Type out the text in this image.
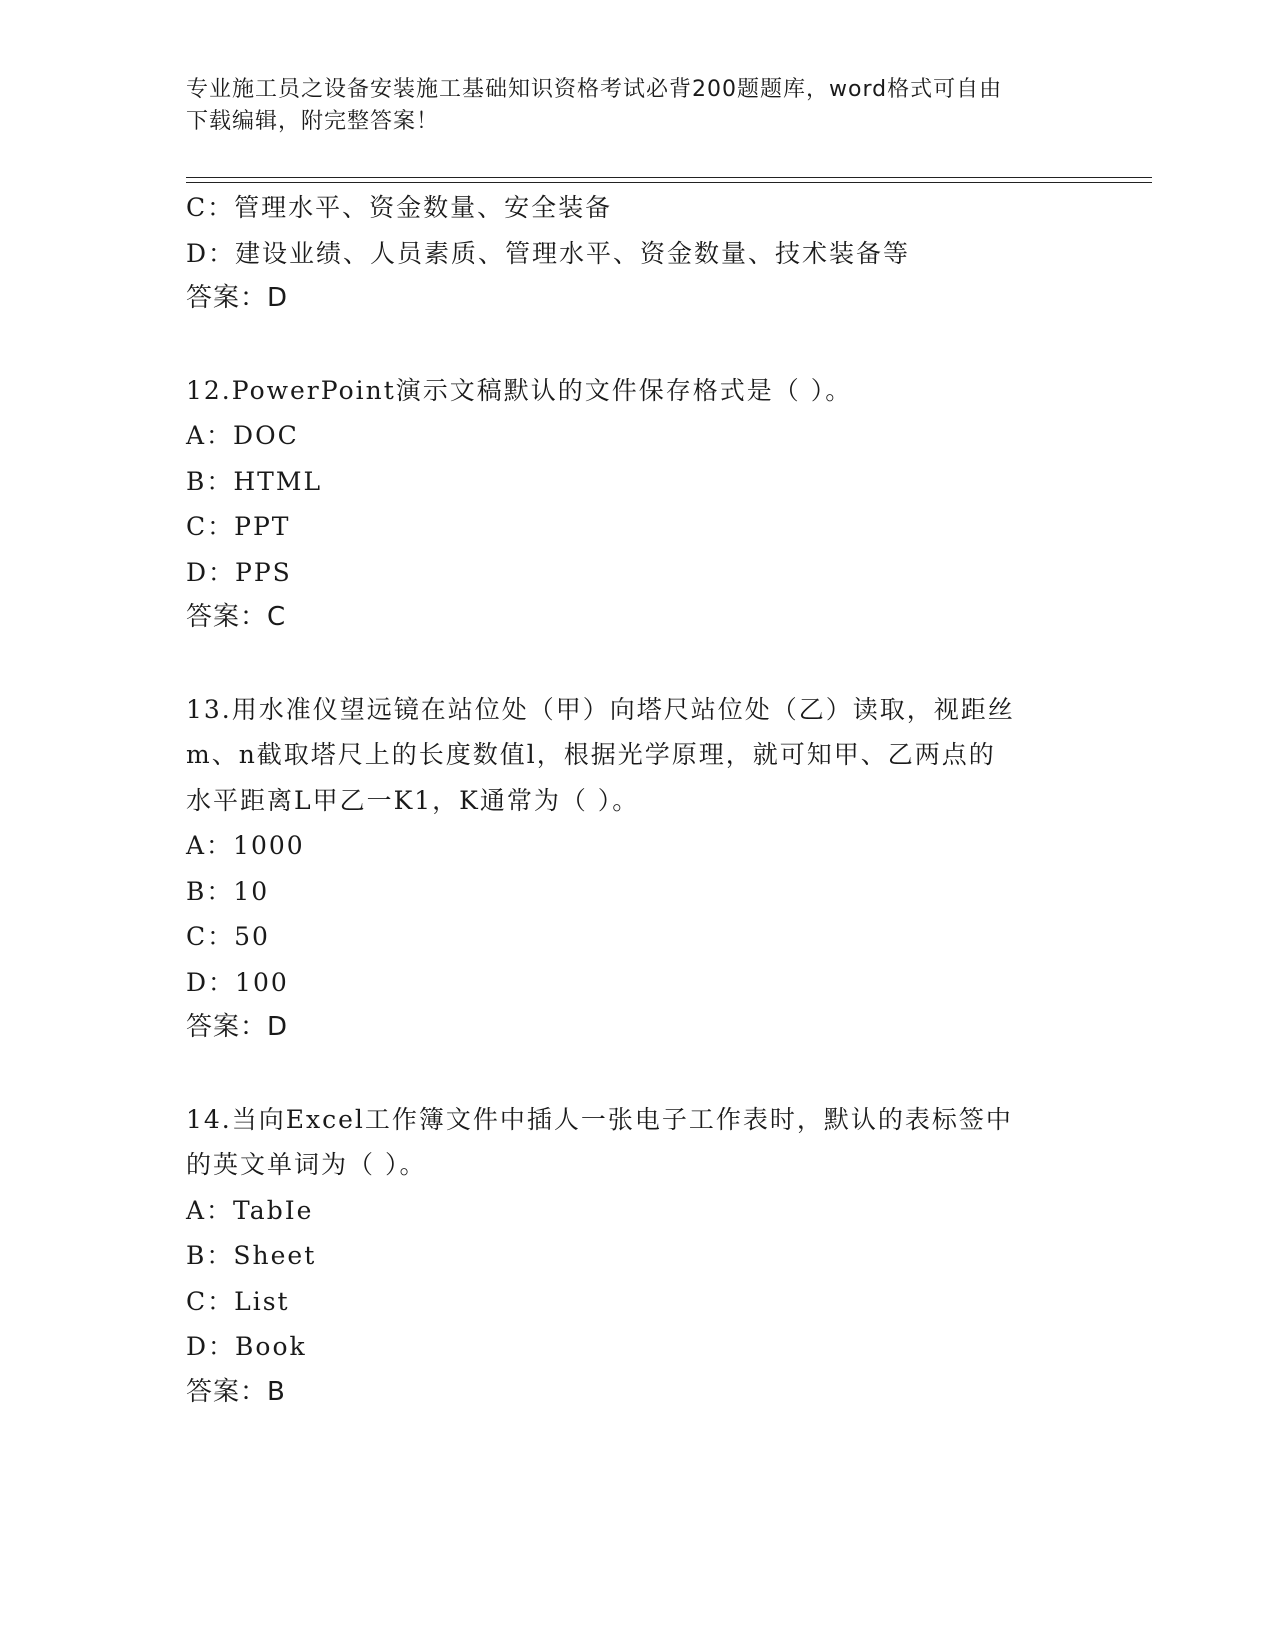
专业施工员之设备安装施工基础知识资格考试必背200题题库，word格式可自由
下载编辑，附完整答案！
C：管理水平、资金数量、安全装备
D：建设业绩、人员素质、管理水平、资金数量、技术装备等
答案：D
12.PowerPoint演示文稿默认的文件保存格式是（ ）。
A：DOC
B：HTML
C：PPT
D：PPS
答案：C
13.用水准仪望远镜在站位处（甲）向塔尺站位处（乙）读取，视距丝
m、n截取塔尺上的长度数值l，根据光学原理，就可知甲、乙两点的
水平距离L甲乙一K1，K通常为（ ）。
A：1000
B：10
C：50
D：100
答案：D
14.当向Excel工作簿文件中插人一张电子工作表时，默认的表标签中
的英文单词为（ ）。
A：TabIe
B：Sheet
C：List
D：Book
答案：B
